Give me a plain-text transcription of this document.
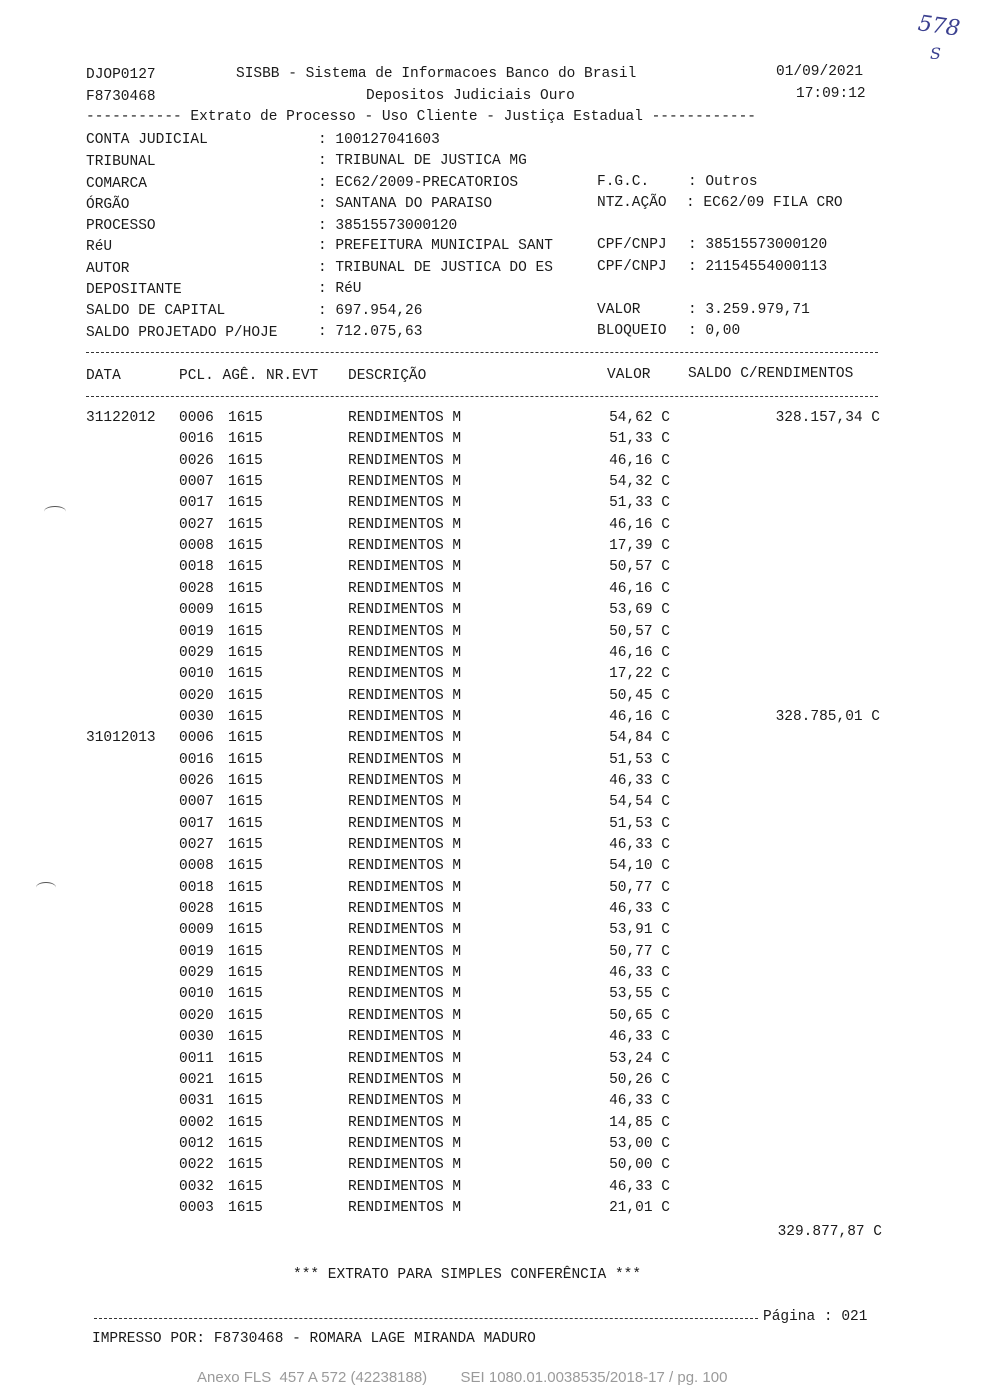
578
S
DJOP0127	SISBB - Sistema de Informacoes Banco do Brasil	01/09/2021
F8730468	Depositos Judiciais Ouro	17:09:12
----------- Extrato de Processo - Uso Cliente - Justiça Estadual ------------
CONTA JUDICIAL	: 100127041603
TRIBUNAL	: TRIBUNAL DE JUSTICA MG
COMARCA	: EC62/2009-PRECATORIOS	F.G.C.	: Outros
ÓRGÃO	: SANTANA DO PARAISO	NTZ.AÇÃO : EC62/09 FILA CRO
PROCESSO	: 38515573000120
RéU	: PREFEITURA MUNICIPAL SANT	CPF/CNPJ : 38515573000120
AUTOR	: TRIBUNAL DE JUSTICA DO ES	CPF/CNPJ : 21154554000113
DEPOSITANTE	: RéU
SALDO DE CAPITAL	: 697.954,26	VALOR	: 3.259.979,71
SALDO PROJETADO P/HOJE	: 712.075,63	BLOQUEIO : 0,00
DATA	PCL. AGÊ. NR.EVT DESCRIÇÃO	VALOR	SALDO C/RENDIMENTOS
31122012 0006 1615	RENDIMENTOS M	54,62 C	328.157,34 C
0016 1615	RENDIMENTOS M	51,33 C
0026 1615	RENDIMENTOS M	46,16 C
0007 1615	RENDIMENTOS M	54,32 C
0017 1615	RENDIMENTOS M	51,33 C
0027 1615	RENDIMENTOS M	46,16 C
0008 1615	RENDIMENTOS M	17,39 C
0018 1615	RENDIMENTOS M	50,57 C
0028 1615	RENDIMENTOS M	46,16 C
0009 1615	RENDIMENTOS M	53,69 C
0019 1615	RENDIMENTOS M	50,57 C
0029 1615	RENDIMENTOS M	46,16 C
0010 1615	RENDIMENTOS M	17,22 C
0020 1615	RENDIMENTOS M	50,45 C
0030 1615	RENDIMENTOS M	46,16 C	328.785,01 C
31012013 0006 1615	RENDIMENTOS M	54,84 C
0016 1615	RENDIMENTOS M	51,53 C
0026 1615	RENDIMENTOS M	46,33 C
0007 1615	RENDIMENTOS M	54,54 C
0017 1615	RENDIMENTOS M	51,53 C
0027 1615	RENDIMENTOS M	46,33 C
0008 1615	RENDIMENTOS M	54,10 C
0018 1615	RENDIMENTOS M	50,77 C
0028 1615	RENDIMENTOS M	46,33 C
0009 1615	RENDIMENTOS M	53,91 C
0019 1615	RENDIMENTOS M	50,77 C
0029 1615	RENDIMENTOS M	46,33 C
0010 1615	RENDIMENTOS M	53,55 C
0020 1615	RENDIMENTOS M	50,65 C
0030 1615	RENDIMENTOS M	46,33 C
0011 1615	RENDIMENTOS M	53,24 C
0021 1615	RENDIMENTOS M	50,26 C
0031 1615	RENDIMENTOS M	46,33 C
0002 1615	RENDIMENTOS M	14,85 C
0012 1615	RENDIMENTOS M	53,00 C
0022 1615	RENDIMENTOS M	50,00 C
0032 1615	RENDIMENTOS M	46,33 C
0003 1615	RENDIMENTOS M	21,01 C
329.877,87 C
*** EXTRATO PARA SIMPLES CONFERÊNCIA ***
Página : 021
IMPRESSO POR: F8730468 - ROMARA LAGE MIRANDA MADURO
Anexo FLS  457 A 572 (42238188)        SEI 1080.01.0038535/2018-17 / pg. 100
